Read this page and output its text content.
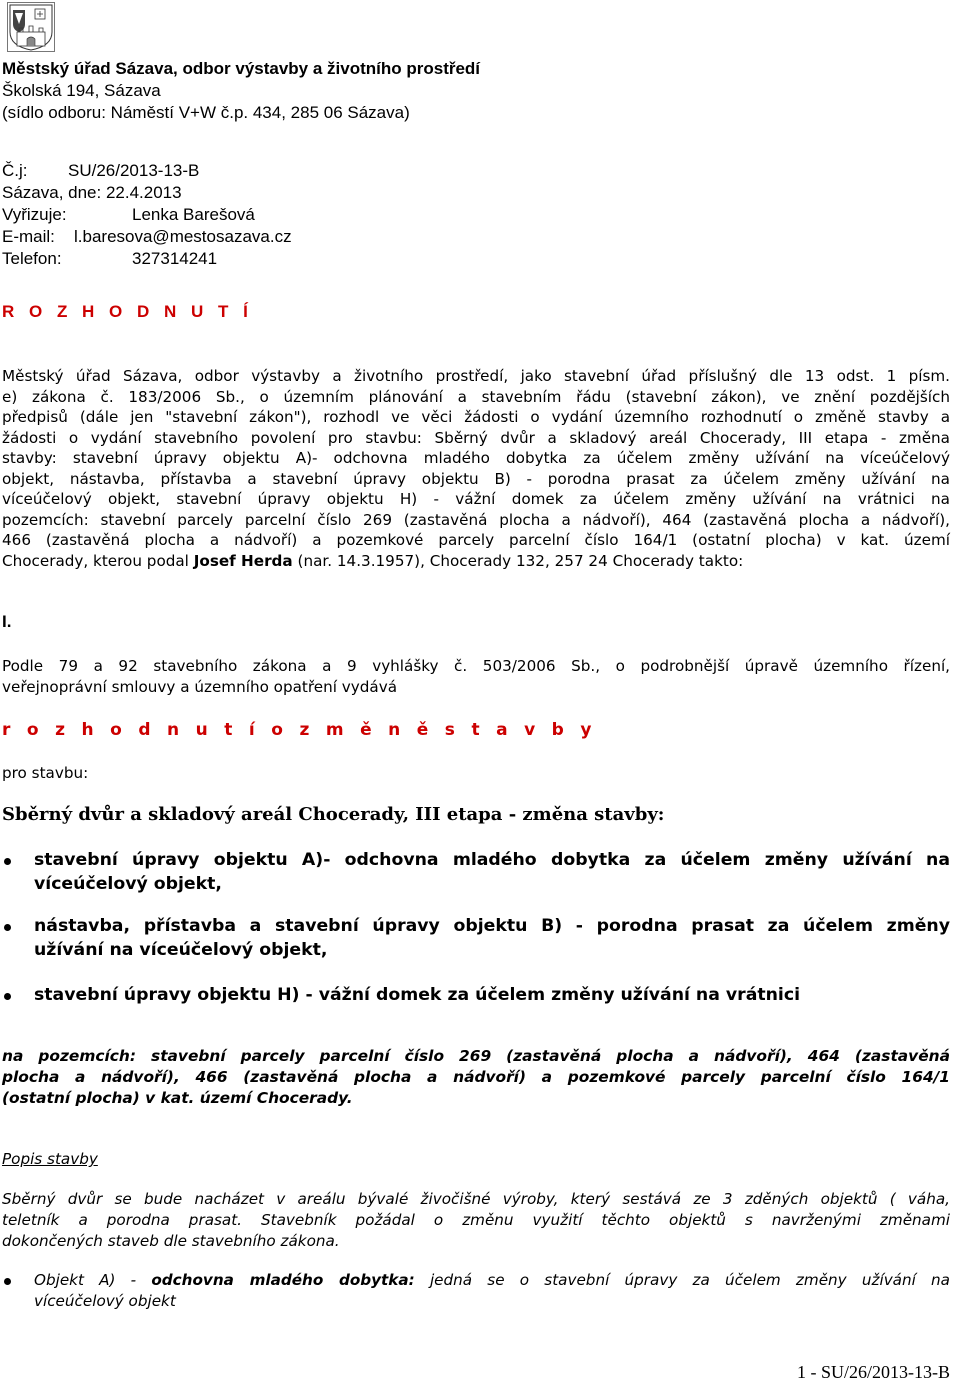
Městský úřad Sázava, odbor výstavby a životního prostředí
Školská 194, Sázava
(sídlo odboru: Náměstí V+W č.p. 434, 285 06 Sázava)
Č.j:	SU/26/2013-13-B
Sázava, dne: 22.4.2013
Vyřizuje:	Lenka Barešová
E-mail:	l.baresova@mestosazava.cz
Telefon:	327314241
R O Z H O D N U T Í
Městský úřad Sázava, odbor výstavby a životního prostředí, jako stavební úřad příslušný dle 13 odst. 1 písm.
e) zákona č. 183/2006 Sb., o územním plánování a stavebním řádu (stavební zákon), ve znění pozdějších
předpisů (dále jen "stavební zákon"), rozhodl ve věci žádosti o vydání územního rozhodnutí o změně stavby a
žádosti o vydání stavebního povolení pro stavbu: Sběrný dvůr a skladový areál Chocerady, III etapa - změna
stavby: stavební úpravy objektu A)- odchovna mladého dobytka za účelem změny užívání na víceúčelový
objekt, nástavba, přístavba a stavební úpravy objektu B) - porodna prasat za účelem změny užívání na
víceúčelový objekt, stavební úpravy objektu H) - vážní domek za účelem změny užívání na vrátnici na
pozemcích: stavební parcely parcelní číslo 269 (zastavěná plocha a nádvoří), 464 (zastavěná plocha a nádvoří),
466 (zastavěná plocha a nádvoří) a pozemkové parcely parcelní číslo 164/1 (ostatní plocha) v kat. území
Chocerady, kterou podal Josef Herda (nar. 14.3.1957), Chocerady 132, 257 24 Chocerady takto:
I.
Podle 79 a 92 stavebního zákona a 9 vyhlášky č. 503/2006 Sb., o podrobnější úpravě územního řízení,
veřejnoprávní smlouvy a územního opatření vydává
r o z h o d n u t í o z m ě n ě s t a v b y
pro stavbu:
Sběrný dvůr a skladový areál Chocerady, III etapa - změna stavby:
stavební úpravy objektu A)- odchovna mladého dobytka za účelem změny užívání na
víceúčelový objekt,
nástavba, přístavba a stavební úpravy objektu B) - porodna prasat za účelem změny
užívání na víceúčelový objekt,
stavební úpravy objektu H) - vážní domek za účelem změny užívání na vrátnici
na pozemcích: stavební parcely parcelní číslo 269 (zastavěná plocha a nádvoří), 464 (zastavěná
plocha a nádvoří), 466 (zastavěná plocha a nádvoří) a pozemkové parcely parcelní číslo 164/1
(ostatní plocha) v kat. území Chocerady.
Popis stavby
Sběrný dvůr se bude nacházet v areálu bývalé živočišné výroby, který sestává ze 3 zděných objektů ( váha,
teletník a porodna prasat. Stavebník požádal o změnu využití těchto objektů s navrženými změnami
dokončených staveb dle stavebního zákona.
Objekt A) - odchovna mladého dobytka: jedná se o stavební úpravy za účelem změny užívání na
víceúčelový objekt
1 - SU/26/2013-13-B
